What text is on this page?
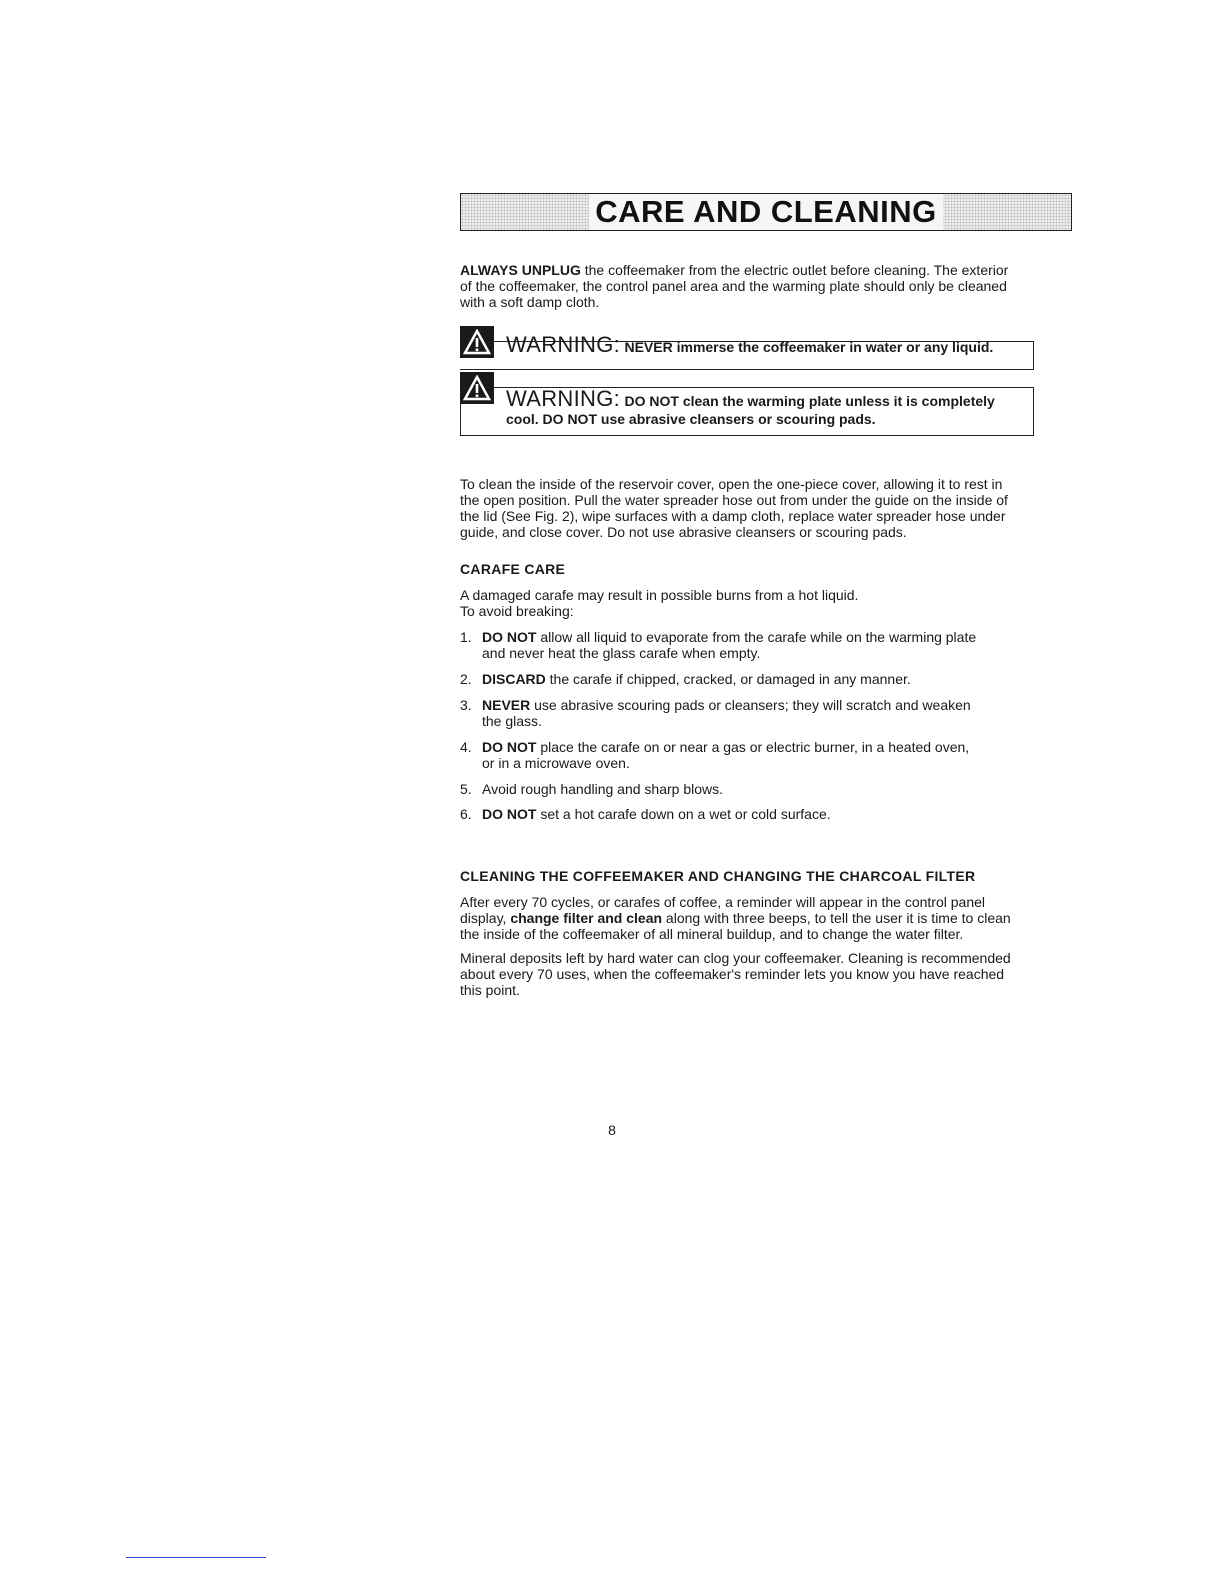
CARE AND CLEANING

ALWAYS UNPLUG the coffeemaker from the electric outlet before cleaning. The exterior

of the coffeemaker, the control panel area and the warming plate should only be cleaned

with a soft damp cloth.

WARNING: NEVER immerse the coffeemaker in water or any liquid.
WARNING: DO NOT clean the warming plate unless it is completely
cool. DO NOT use abrasive cleansers or scouring pads.

To clean the inside of the reservoir cover, open the one-piece cover, allowing it to rest in

the open position. Pull the water spreader hose out from under the guide on the inside of

the lid (See Fig. 2), wipe surfaces with a damp cloth, replace water spreader hose under

guide, and close cover. Do not use abrasive cleansers or scouring pads.

CARAFE CARE

A damaged carafe may result in possible burns from a hot liquid.

To avoid breaking:

1. DO NOT allow all liquid to evaporate from the carafe while on the warming plate
and never heat the glass carafe when empty.
2. DISCARD the carafe if chipped, cracked, or damaged in any manner.
3. NEVER use abrasive scouring pads or cleansers; they will scratch and weaken
the glass.
4. DO NOT place the carafe on or near a gas or electric burner, in a heated oven,
or in a microwave oven.
5. Avoid rough handling and sharp blows.
6. DO NOT set a hot carafe down on a wet or cold surface.
CLEANING THE COFFEEMAKER AND CHANGING THE CHARCOAL FILTER

After every 70 cycles, or carafes of coffee, a reminder will appear in the control panel

display, change filter and clean along with three beeps, to tell the user it is time to clean

the inside of the coffeemaker of all mineral buildup, and to change the water filter.

Mineral deposits left by hard water can clog your coffeemaker. Cleaning is recommended

about every 70 uses, when the coffeemaker's reminder lets you know you have reached

this point.

8
